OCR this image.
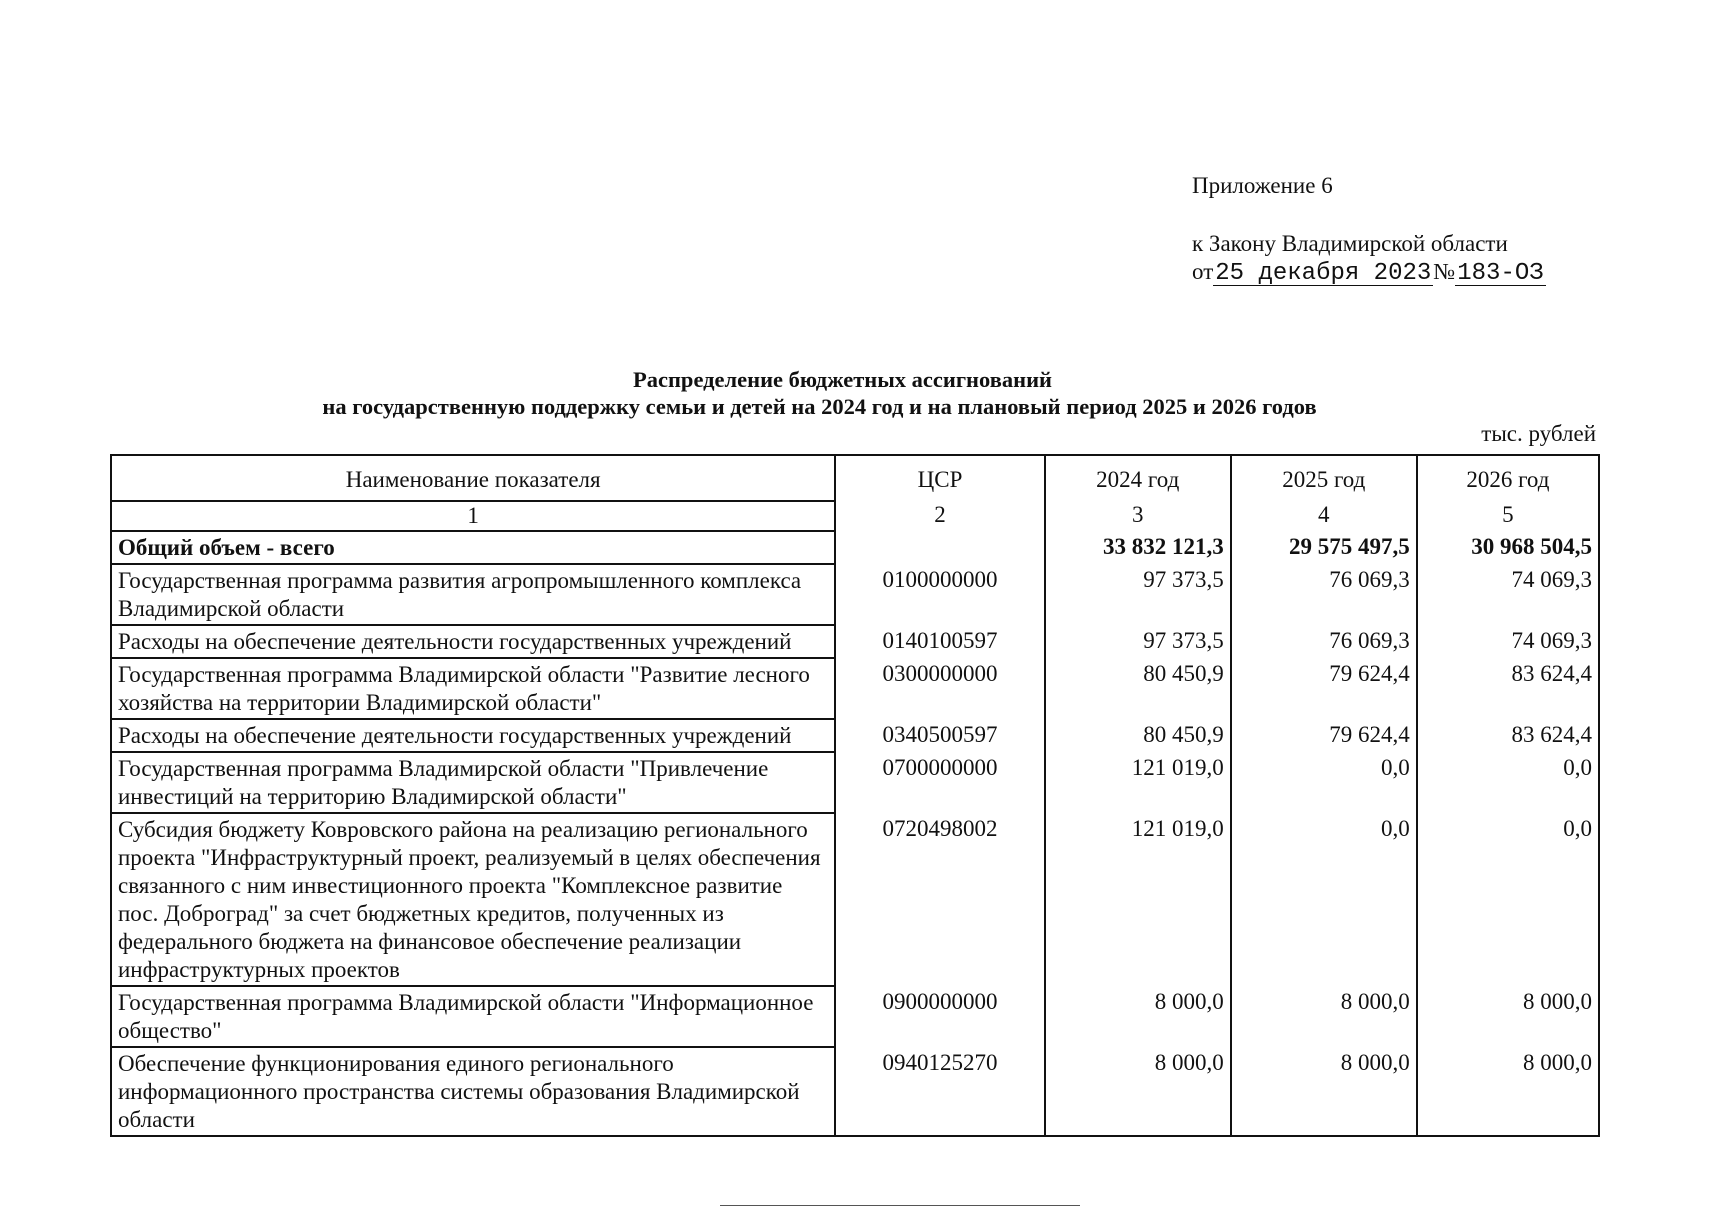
Приложение 6
к Закону Владимирской области
от25 декабря 2023№183-ОЗ
Распределение бюджетных ассигнований
на государственную поддержку семьи и детей на 2024 год и на плановый период 2025 и 2026 годов
тыс. рублей
Наименование показателя	ЦСР	2024 год	2025 год	2026 год
1	2	3	4	5
Общий объем - всего		33 832 121,3	29 575 497,5	30 968 504,5
Государственная программа развития агропромышленного комплекса Владимирской области	0100000000	97 373,5	76 069,3	74 069,3
Расходы на обеспечение деятельности государственных учреждений	0140100597	97 373,5	76 069,3	74 069,3
Государственная программа Владимирской области "Развитие лесного хозяйства на территории Владимирской области"	0300000000	80 450,9	79 624,4	83 624,4
Расходы на обеспечение деятельности государственных учреждений	0340500597	80 450,9	79 624,4	83 624,4
Государственная программа Владимирской области "Привлечение инвестиций на территорию Владимирской области"	0700000000	121 019,0	0,0	0,0
Субсидия бюджету Ковровского района на реализацию регионального проекта "Инфраструктурный проект, реализуемый в целях обеспечения связанного с ним инвестиционного проекта "Комплексное развитие пос. Доброград" за счет бюджетных кредитов, полученных из федерального бюджета на финансовое обеспечение реализации инфраструктурных проектов	0720498002	121 019,0	0,0	0,0
Государственная программа Владимирской области "Информационное общество"	0900000000	8 000,0	8 000,0	8 000,0
Обеспечение функционирования единого регионального информационного пространства системы образования Владимирской области	0940125270	8 000,0	8 000,0	8 000,0
